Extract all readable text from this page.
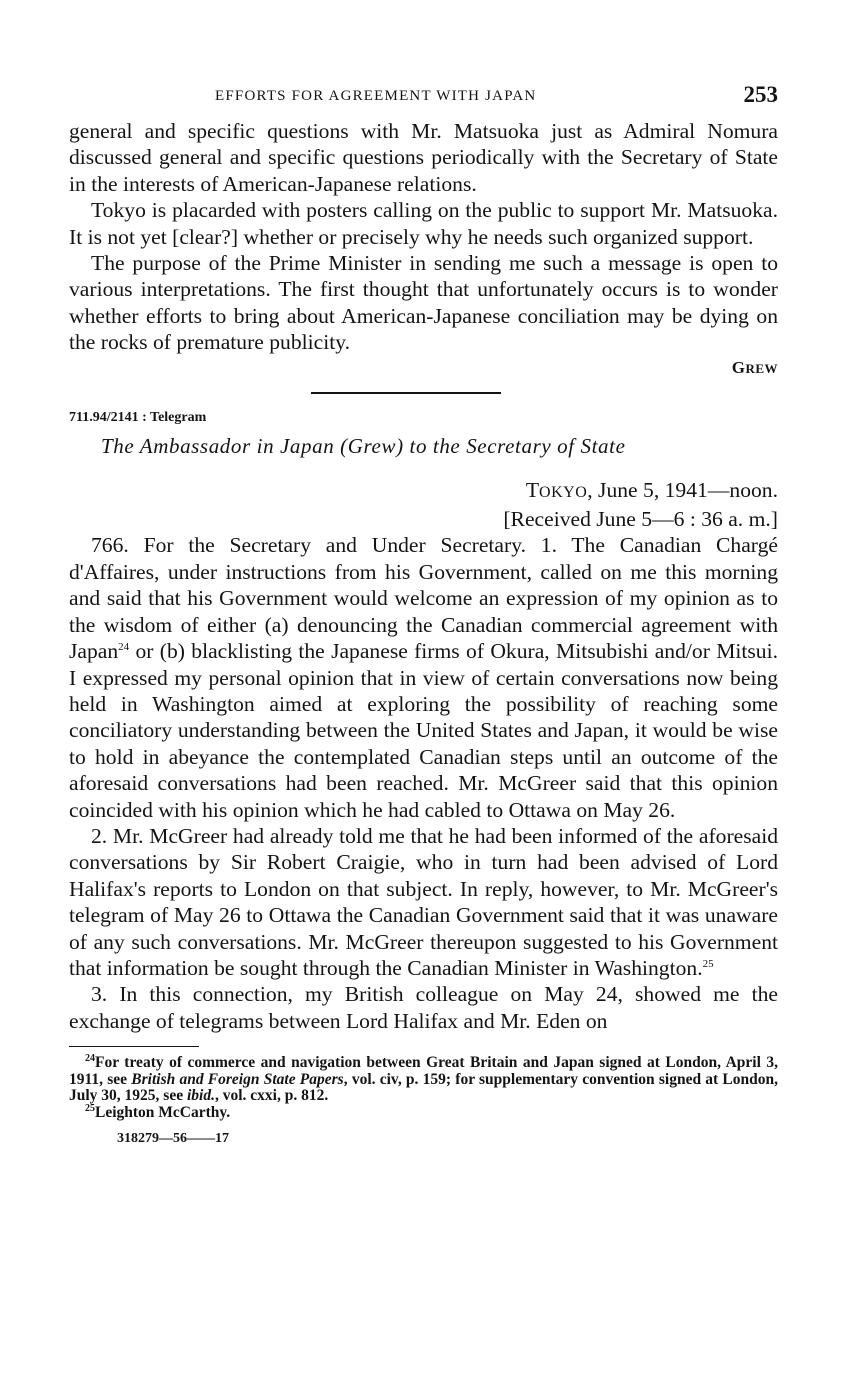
EFFORTS FOR AGREEMENT WITH JAPAN	253

general and specific questions with Mr. Matsuoka just as Admiral Nomura discussed general and specific questions periodically with the Secretary of State in the interests of American-Japanese relations.

Tokyo is placarded with posters calling on the public to support Mr. Matsuoka. It is not yet [clear?] whether or precisely why he needs such organized support.

The purpose of the Prime Minister in sending me such a message is open to various interpretations. The first thought that unfortunately occurs is to wonder whether efforts to bring about American-Japanese conciliation may be dying on the rocks of premature publicity.

GREW
711.94/2141 : Telegram
The Ambassador in Japan (Grew) to the Secretary of State
TOKYO, June 5, 1941—noon.
[Received June 5—6 : 36 a. m.]

766. For the Secretary and Under Secretary. 1. The Canadian Chargé d'Affaires, under instructions from his Government, called on me this morning and said that his Government would welcome an expression of my opinion as to the wisdom of either (a) denouncing the Canadian commercial agreement with Japan$^{24}$ or (b) blacklisting the Japanese firms of Okura, Mitsubishi and/or Mitsui. I expressed my personal opinion that in view of certain conversations now being held in Washington aimed at exploring the possibility of reaching some conciliatory understanding between the United States and Japan, it would be wise to hold in abeyance the contemplated Canadian steps until an outcome of the aforesaid conversations had been reached. Mr. McGreer said that this opinion coincided with his opinion which he had cabled to Ottawa on May 26.

2. Mr. McGreer had already told me that he had been informed of the aforesaid conversations by Sir Robert Craigie, who in turn had been advised of Lord Halifax's reports to London on that subject. In reply, however, to Mr. McGreer's telegram of May 26 to Ottawa the Canadian Government said that it was unaware of any such conversations. Mr. McGreer thereupon suggested to his Government that information be sought through the Canadian Minister in Washington.$^{25}$

3. In this connection, my British colleague on May 24, showed me the exchange of telegrams between Lord Halifax and Mr. Eden on

$^{24}$For treaty of commerce and navigation between Great Britain and Japan signed at London, April 3, 1911, see British and Foreign State Papers, vol. civ, p. 159; for supplementary convention signed at London, July 30, 1925, see ibid., vol. cxxi, p. 812.

$^{25}$Leighton McCarthy.

318279—56——17
